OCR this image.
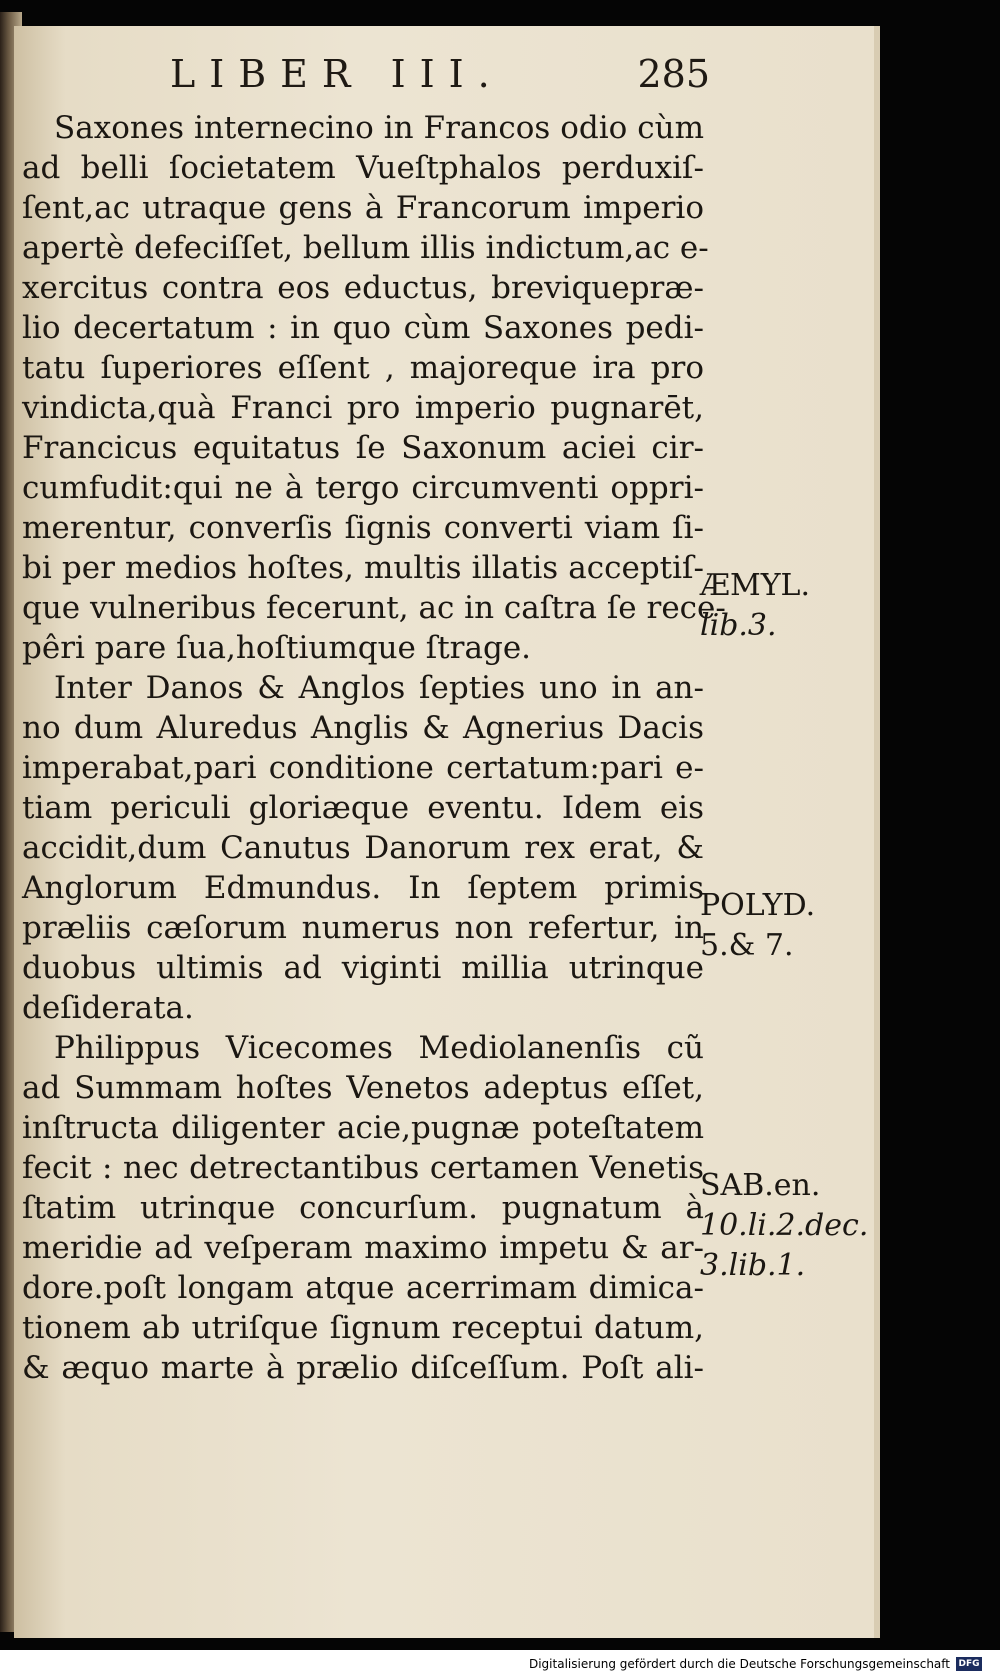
LIBER III.	285
Saxones internecino in Francos odio cùm
ad belli ſocietatem Vueſtphalos perduxiſ-
ſent,ac utraque gens à Francorum imperio
apertè defeciſſet, bellum illis indictum,ac e-
xercitus contra eos eductus, breviquepræ-
lio decertatum : in quo cùm Saxones pedi-
tatu ſuperiores eſſent , majoreque ira pro
vindicta,quà Franci pro imperio pugnarēt,
Francicus equitatus ſe Saxonum aciei cir-
cumfudit:qui ne à tergo circumventi oppri-
merentur, converſis ſignis converti viam ſi-
bi per medios hoſtes, multis illatis acceptiſ-
que vulneribus fecerunt, ac in caſtra ſe rece-
pêri pare ſua,hoſtiumque ſtrage.
Inter Danos & Anglos ſepties uno in an-
no dum Aluredus Anglis & Agnerius Dacis
imperabat,pari conditione certatum:pari e-
tiam periculi gloriæque eventu. Idem eis
accidit,dum Canutus Danorum rex erat, &
Anglorum Edmundus. In ſeptem primis
præliis cæſorum numerus non refertur, in
duobus ultimis ad viginti millia utrinque
deſiderata.
Philippus Vicecomes Mediolanenſis cũ
ad Summam hoſtes Venetos adeptus eſſet,
inſtructa diligenter acie,pugnæ poteſtatem
fecit : nec detrectantibus certamen Venetis
ſtatim utrinque concurſum. pugnatum à
meridie ad veſperam maximo impetu & ar-
dore.poſt longam atque acerrimam dimica-
tionem ab utriſque ſignum receptui datum,
& æquo marte à prælio diſceſſum. Poſt ali-
ÆMYL.
lib.3.
POLYD.
5.& 7.
SAB.en.
10.li.2.dec.
3.lib.1.
Digitalisierung gefördert durch die Deutsche Forschungsgemeinschaft DFG
